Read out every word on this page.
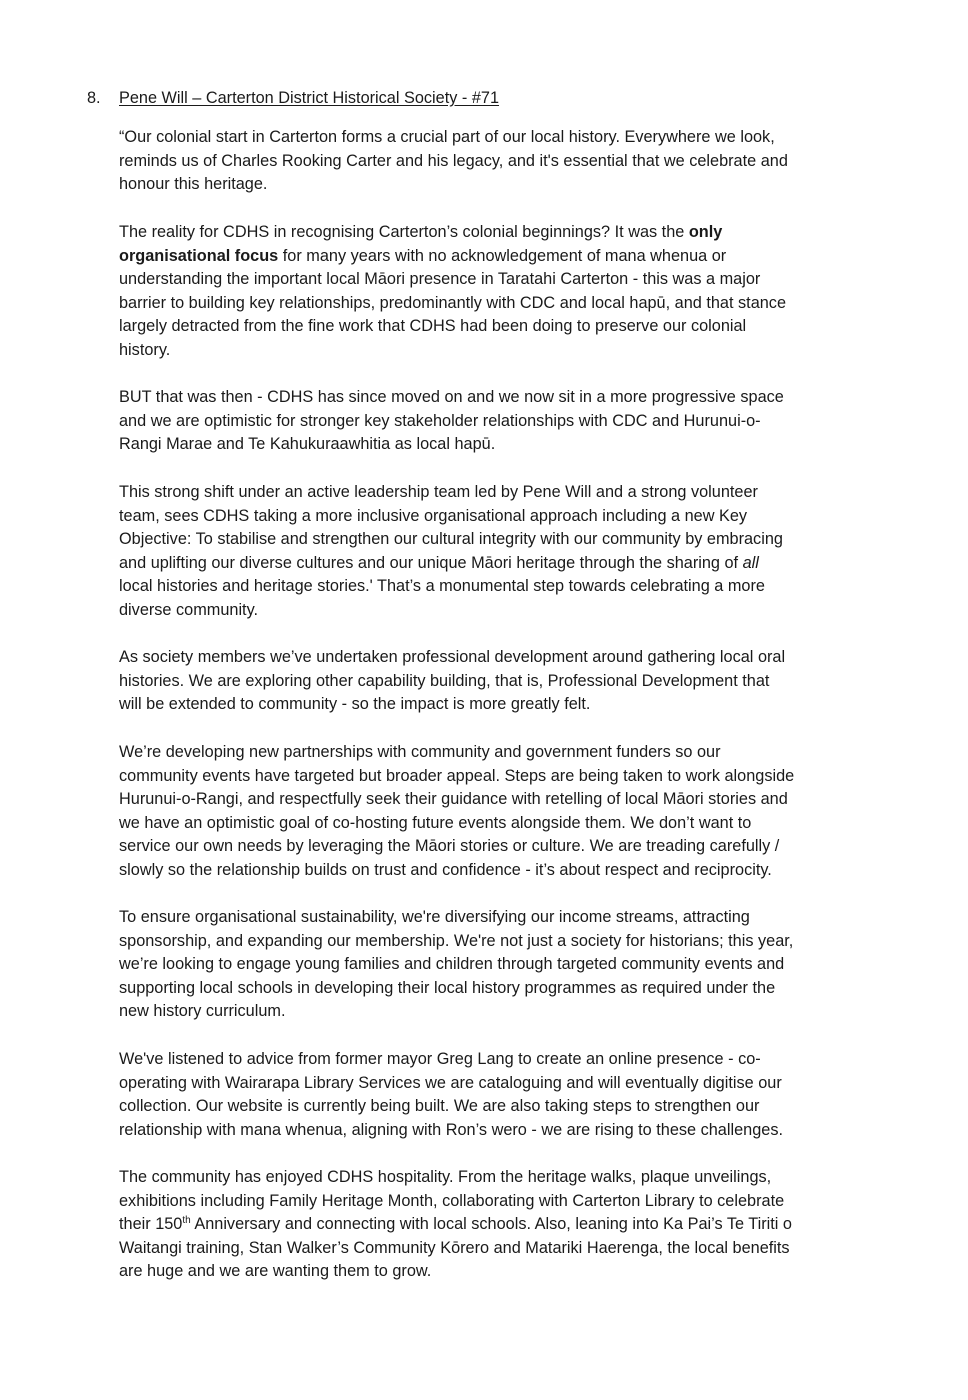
8. Pene Will – Carterton District Historical Society - #71

“Our colonial start in Carterton forms a crucial part of our local history. Everywhere we look,
reminds us of Charles Rooking Carter and his legacy, and it's essential that we celebrate and
honour this heritage.

The reality for CDHS in recognising Carterton’s colonial beginnings? It was the only
organisational focus for many years with no acknowledgement of mana whenua or
understanding the important local Māori presence in Taratahi Carterton - this was a major
barrier to building key relationships, predominantly with CDC and local hapū, and that stance
largely detracted from the fine work that CDHS had been doing to preserve our colonial
history.

BUT that was then - CDHS has since moved on and we now sit in a more progressive space
and we are optimistic for stronger key stakeholder relationships with CDC and Hurunui-o-
Rangi Marae and Te Kahukuraawhitia as local hapū.

This strong shift under an active leadership team led by Pene Will and a strong volunteer
team, sees CDHS taking a more inclusive organisational approach including a new Key
Objective: To stabilise and strengthen our cultural integrity with our community by embracing
and uplifting our diverse cultures and our unique Māori heritage through the sharing of all
local histories and heritage stories.' That’s a monumental step towards celebrating a more
diverse community.

As society members we’ve undertaken professional development around gathering local oral
histories. We are exploring other capability building, that is, Professional Development that
will be extended to community - so the impact is more greatly felt.

We’re developing new partnerships with community and government funders so our
community events have targeted but broader appeal. Steps are being taken to work alongside
Hurunui-o-Rangi, and respectfully seek their guidance with retelling of local Māori stories and
we have an optimistic goal of co-hosting future events alongside them. We don’t want to
service our own needs by leveraging the Māori stories or culture. We are treading carefully /
slowly so the relationship builds on trust and confidence - it’s about respect and reciprocity.

To ensure organisational sustainability, we're diversifying our income streams, attracting
sponsorship, and expanding our membership. We're not just a society for historians; this year,
we’re looking to engage young families and children through targeted community events and
supporting local schools in developing their local history programmes as required under the
new history curriculum.

We've listened to advice from former mayor Greg Lang to create an online presence - co-
operating with Wairarapa Library Services we are cataloguing and will eventually digitise our
collection. Our website is currently being built. We are also taking steps to strengthen our
relationship with mana whenua, aligning with Ron’s wero - we are rising to these challenges.

The community has enjoyed CDHS hospitality. From the heritage walks, plaque unveilings,
exhibitions including Family Heritage Month, collaborating with Carterton Library to celebrate
their 150th Anniversary and connecting with local schools. Also, leaning into Ka Pai’s Te Tiriti o
Waitangi training, Stan Walker’s Community Kōrero and Matariki Haerenga, the local benefits
are huge and we are wanting them to grow.
